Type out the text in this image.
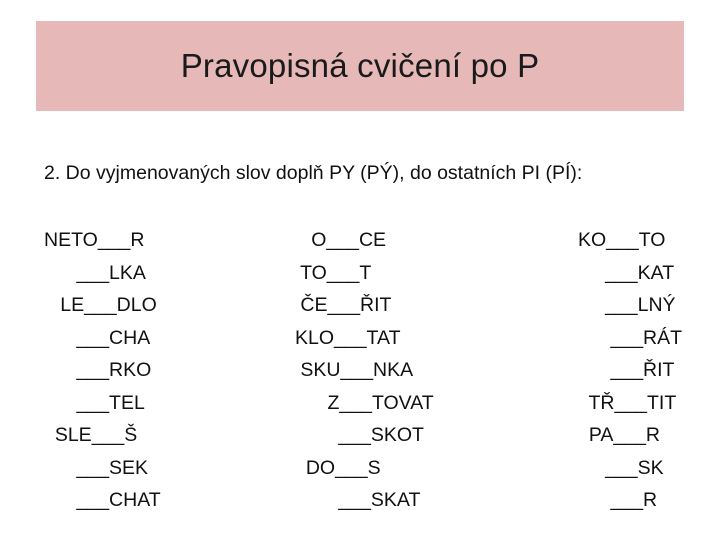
Pravopisná cvičení po P
2. Do vyjmenovaných slov doplň PY (PÝ), do ostatních PI (PÍ):
NETO___R
___LKA
LE___DLO
___CHA
___RKO
___TEL
SLE___Š
___SEK
___CHAT
O___CE
TO___T
ČE___ŘIT
KLO___TAT
SKU___NKA
Z___TOVAT
___SKOT
DO___S
___SKAT
KO___TO
___KAT
___LNÝ
___RÁT
___ŘIT
TŘ___TIT
PA___R
___SK
___R
